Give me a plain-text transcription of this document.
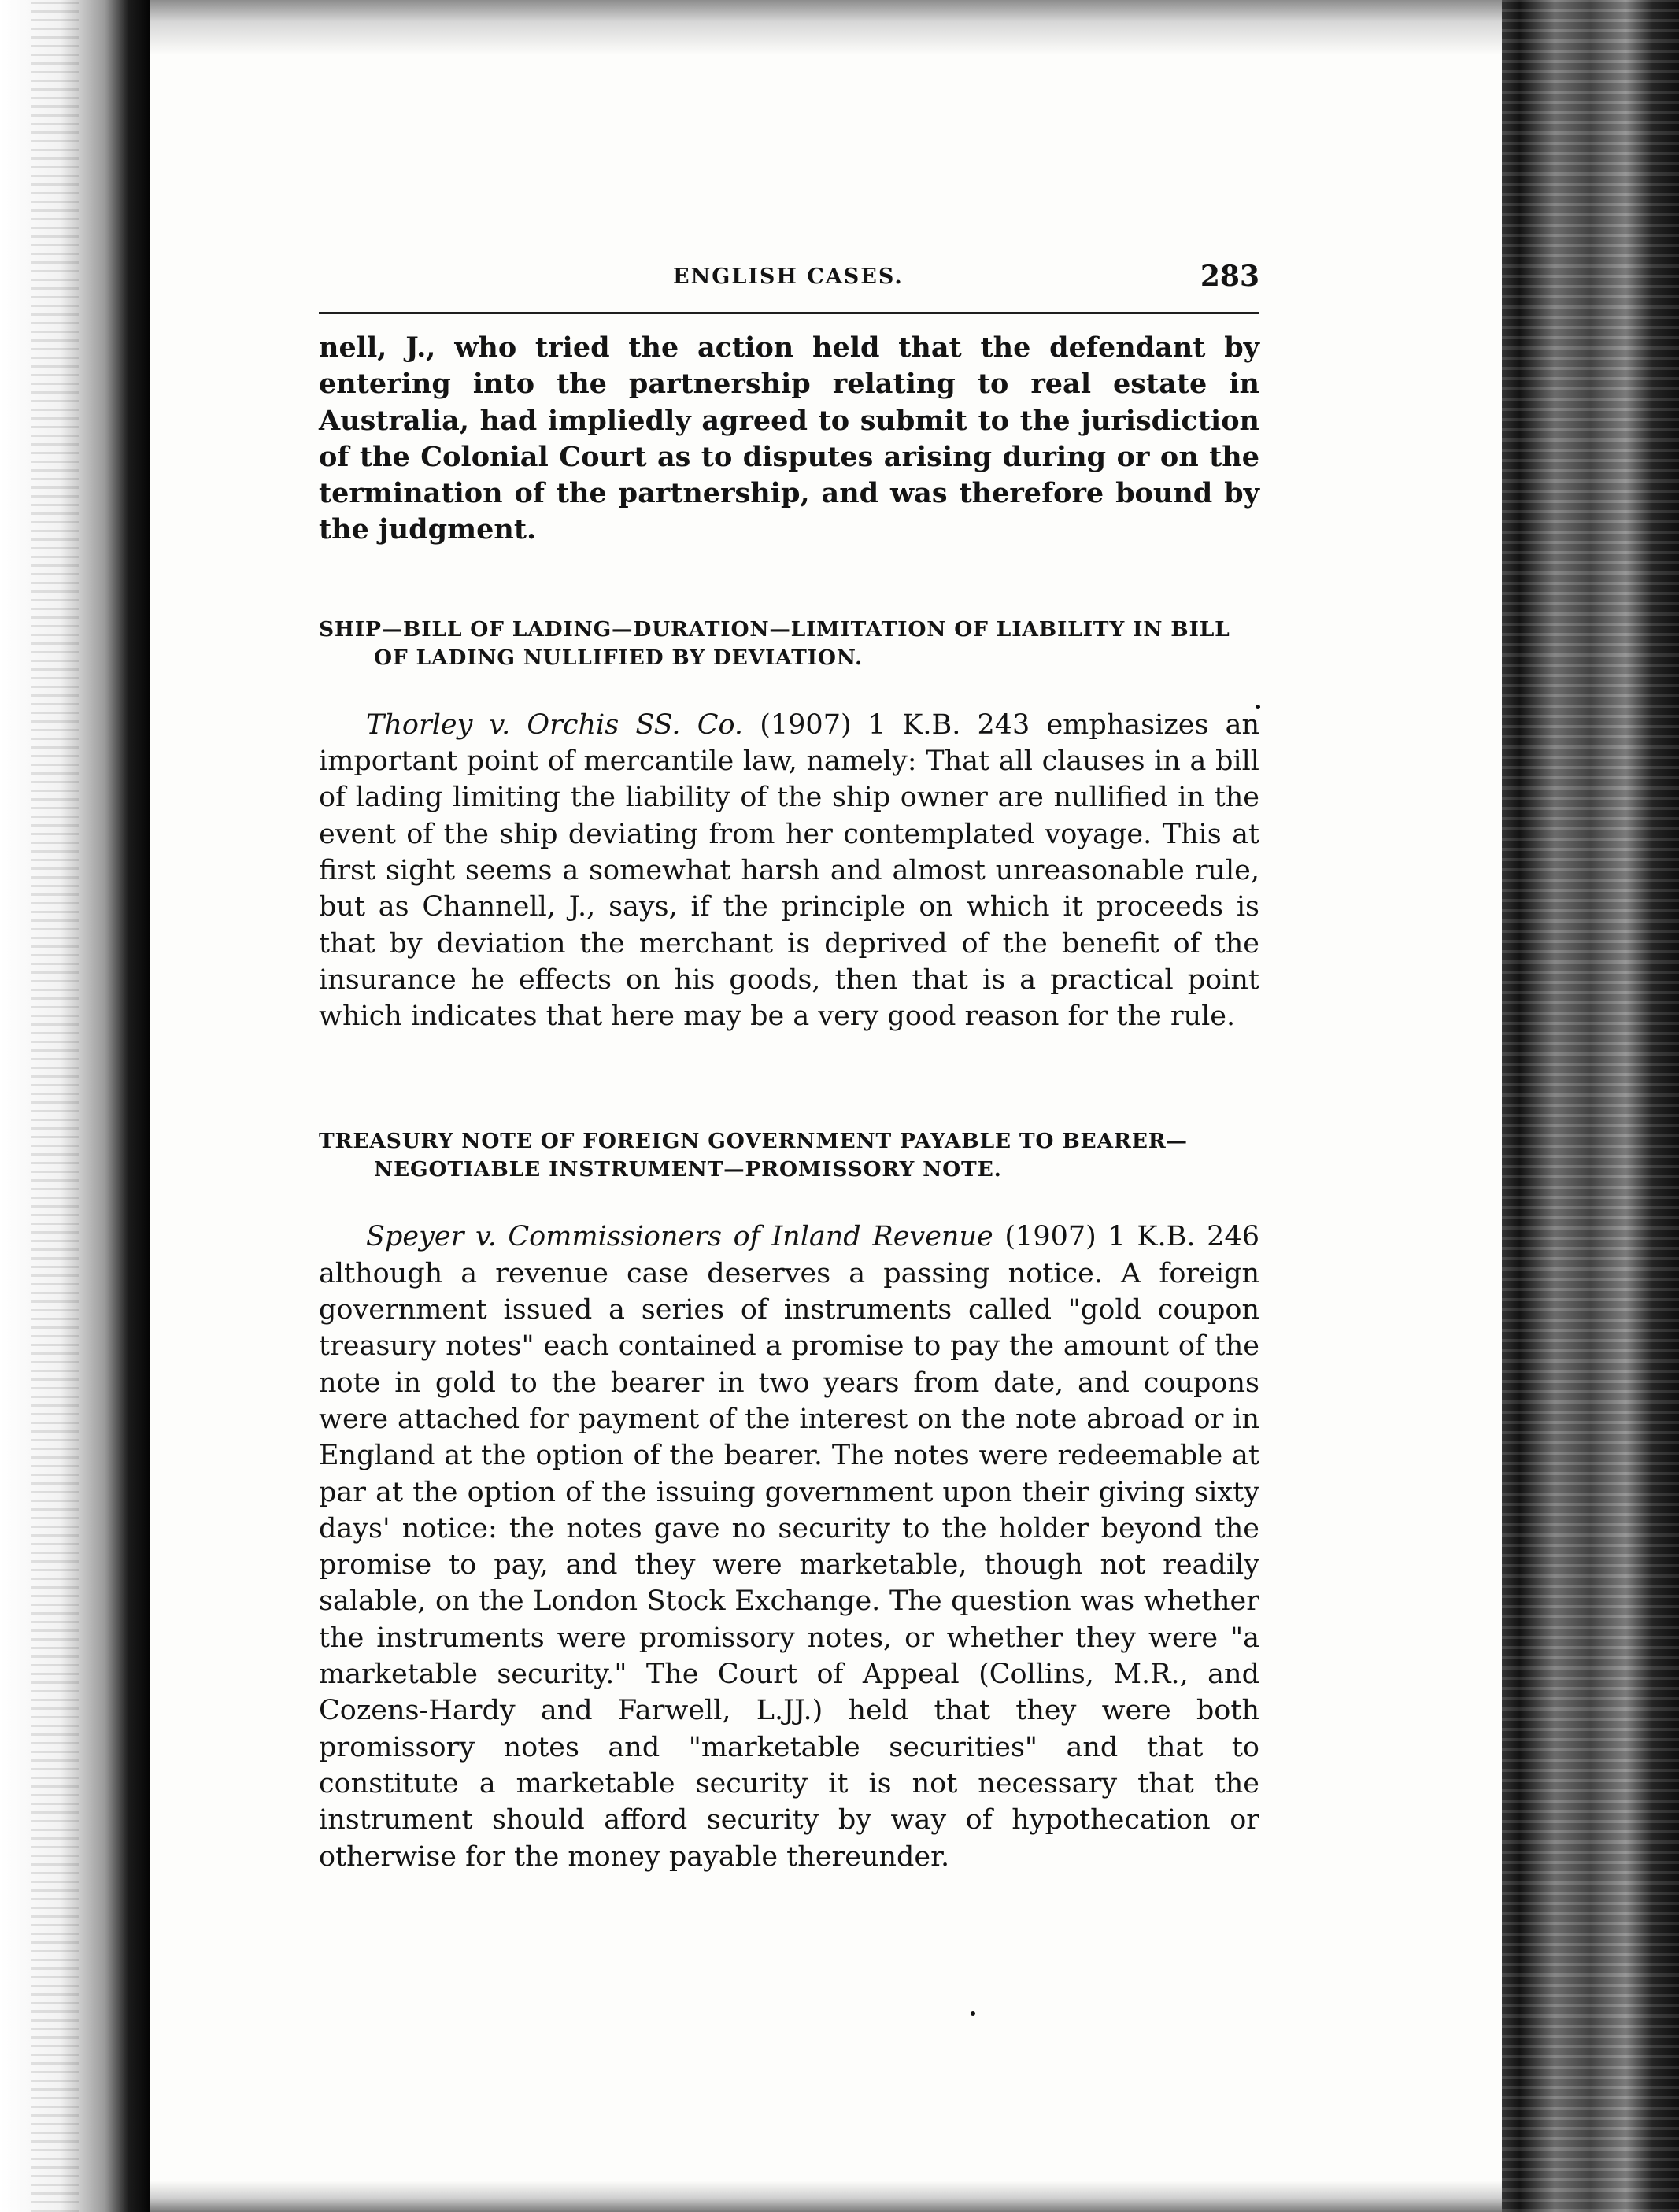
ENGLISH CASES.	283

nell, J., who tried the action held that the defendant by entering into the partnership relating to real estate in Australia, had impliedly agreed to submit to the jurisdiction of the Colonial Court as to disputes arising during or on the termination of the partnership, and was therefore bound by the judgment.

SHIP—BILL OF LADING—DURATION—LIMITATION OF LIABILITY IN BILL OF LADING NULLIFIED BY DEVIATION.

Thorley v. Orchis SS. Co. (1907) 1 K.B. 243 emphasizes an important point of mercantile law, namely: That all clauses in a bill of lading limiting the liability of the ship owner are nullified in the event of the ship deviating from her contemplated voyage. This at first sight seems a somewhat harsh and almost unreasonable rule, but as Channell, J., says, if the principle on which it proceeds is that by deviation the merchant is deprived of the benefit of the insurance he effects on his goods, then that is a practical point which indicates that here may be a very good reason for the rule.

TREASURY NOTE OF FOREIGN GOVERNMENT PAYABLE TO BEARER—NEGOTIABLE INSTRUMENT—PROMISSORY NOTE.

Speyer v. Commissioners of Inland Revenue (1907) 1 K.B. 246 although a revenue case deserves a passing notice. A foreign government issued a series of instruments called "gold coupon treasury notes" each contained a promise to pay the amount of the note in gold to the bearer in two years from date, and coupons were attached for payment of the interest on the note abroad or in England at the option of the bearer. The notes were redeemable at par at the option of the issuing government upon their giving sixty days' notice: the notes gave no security to the holder beyond the promise to pay, and they were marketable, though not readily salable, on the London Stock Exchange. The question was whether the instruments were promissory notes, or whether they were "a marketable security." The Court of Appeal (Collins, M.R., and Cozens-Hardy and Farwell, L.JJ.) held that they were both promissory notes and "marketable securities" and that to constitute a marketable security it is not necessary that the instrument should afford security by way of hypothecation or otherwise for the money payable thereunder.
